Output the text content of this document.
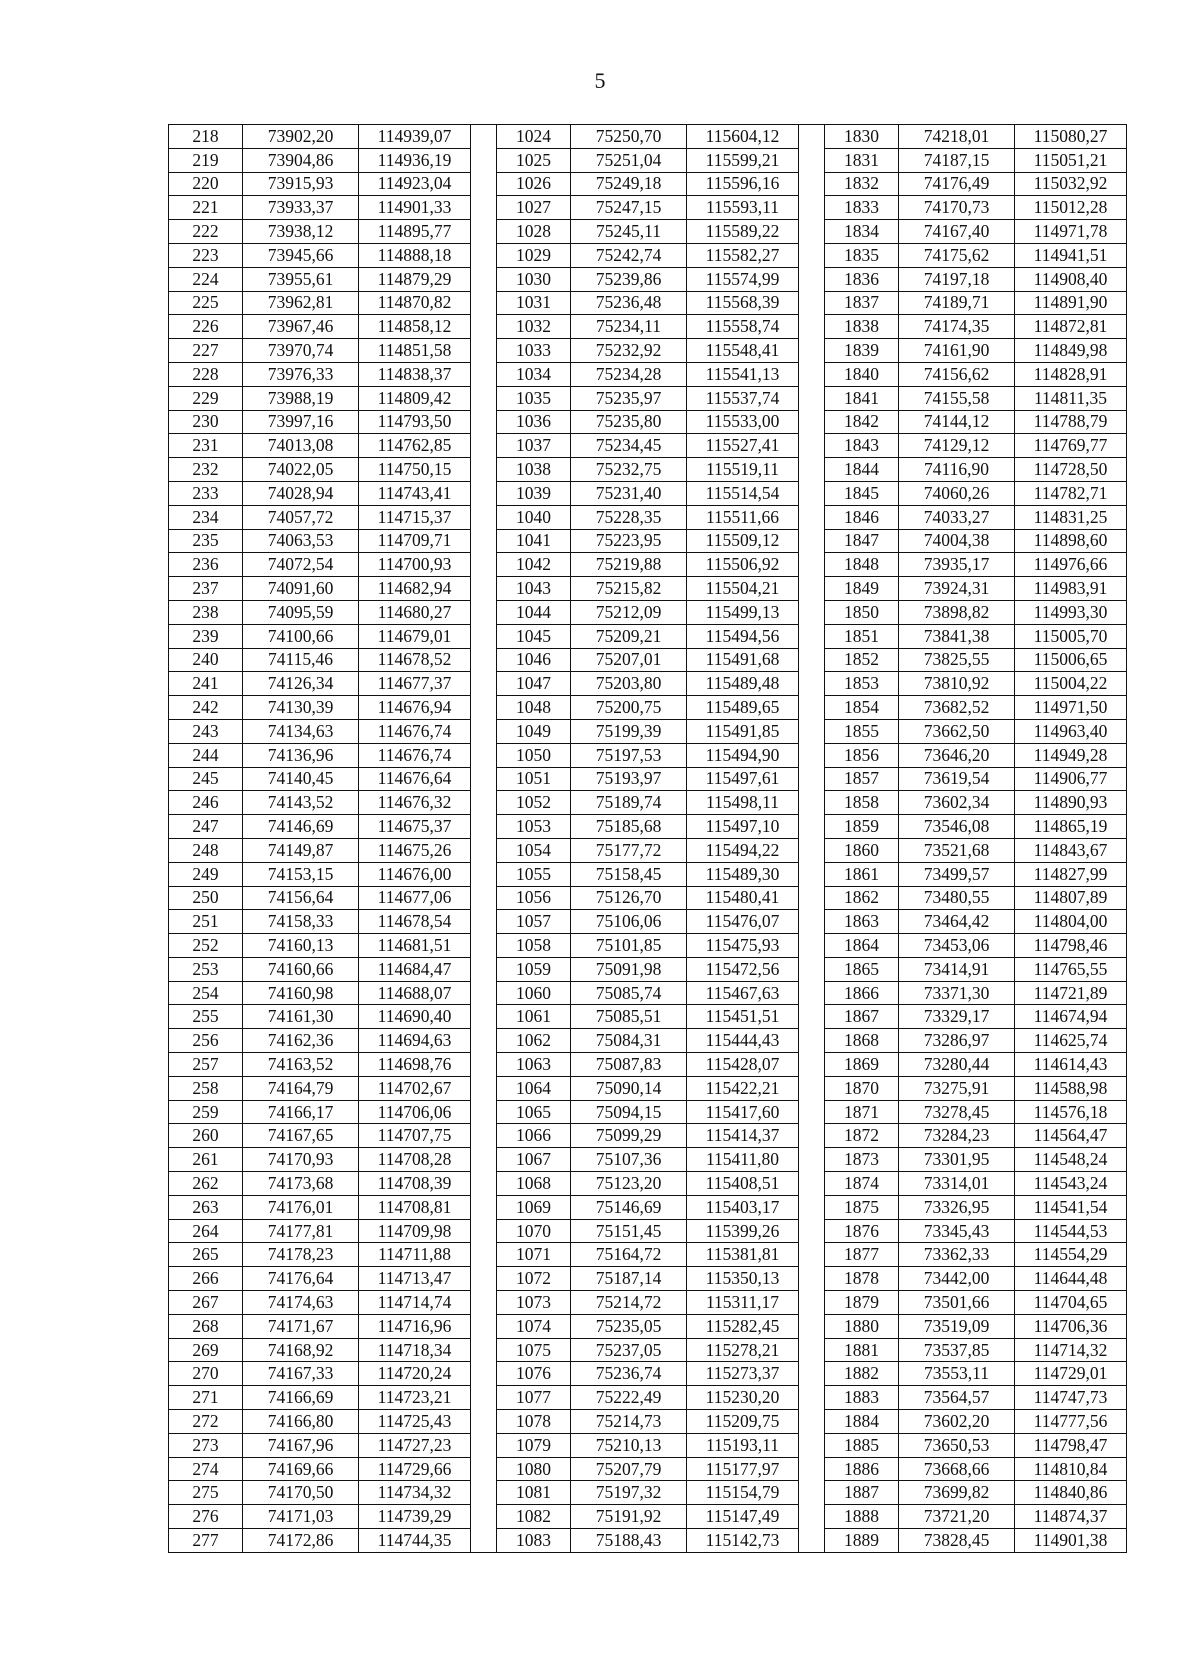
5
218	73902,20	114939,07		1024	75250,70	115604,12		1830	74218,01	115080,27
219	73904,86	114936,19		1025	75251,04	115599,21		1831	74187,15	115051,21
220	73915,93	114923,04		1026	75249,18	115596,16		1832	74176,49	115032,92
221	73933,37	114901,33		1027	75247,15	115593,11		1833	74170,73	115012,28
222	73938,12	114895,77		1028	75245,11	115589,22		1834	74167,40	114971,78
223	73945,66	114888,18		1029	75242,74	115582,27		1835	74175,62	114941,51
224	73955,61	114879,29		1030	75239,86	115574,99		1836	74197,18	114908,40
225	73962,81	114870,82		1031	75236,48	115568,39		1837	74189,71	114891,90
226	73967,46	114858,12		1032	75234,11	115558,74		1838	74174,35	114872,81
227	73970,74	114851,58		1033	75232,92	115548,41		1839	74161,90	114849,98
228	73976,33	114838,37		1034	75234,28	115541,13		1840	74156,62	114828,91
229	73988,19	114809,42		1035	75235,97	115537,74		1841	74155,58	114811,35
230	73997,16	114793,50		1036	75235,80	115533,00		1842	74144,12	114788,79
231	74013,08	114762,85		1037	75234,45	115527,41		1843	74129,12	114769,77
232	74022,05	114750,15		1038	75232,75	115519,11		1844	74116,90	114728,50
233	74028,94	114743,41		1039	75231,40	115514,54		1845	74060,26	114782,71
234	74057,72	114715,37		1040	75228,35	115511,66		1846	74033,27	114831,25
235	74063,53	114709,71		1041	75223,95	115509,12		1847	74004,38	114898,60
236	74072,54	114700,93		1042	75219,88	115506,92		1848	73935,17	114976,66
237	74091,60	114682,94		1043	75215,82	115504,21		1849	73924,31	114983,91
238	74095,59	114680,27		1044	75212,09	115499,13		1850	73898,82	114993,30
239	74100,66	114679,01		1045	75209,21	115494,56		1851	73841,38	115005,70
240	74115,46	114678,52		1046	75207,01	115491,68		1852	73825,55	115006,65
241	74126,34	114677,37		1047	75203,80	115489,48		1853	73810,92	115004,22
242	74130,39	114676,94		1048	75200,75	115489,65		1854	73682,52	114971,50
243	74134,63	114676,74		1049	75199,39	115491,85		1855	73662,50	114963,40
244	74136,96	114676,74		1050	75197,53	115494,90		1856	73646,20	114949,28
245	74140,45	114676,64		1051	75193,97	115497,61		1857	73619,54	114906,77
246	74143,52	114676,32		1052	75189,74	115498,11		1858	73602,34	114890,93
247	74146,69	114675,37		1053	75185,68	115497,10		1859	73546,08	114865,19
248	74149,87	114675,26		1054	75177,72	115494,22		1860	73521,68	114843,67
249	74153,15	114676,00		1055	75158,45	115489,30		1861	73499,57	114827,99
250	74156,64	114677,06		1056	75126,70	115480,41		1862	73480,55	114807,89
251	74158,33	114678,54		1057	75106,06	115476,07		1863	73464,42	114804,00
252	74160,13	114681,51		1058	75101,85	115475,93		1864	73453,06	114798,46
253	74160,66	114684,47		1059	75091,98	115472,56		1865	73414,91	114765,55
254	74160,98	114688,07		1060	75085,74	115467,63		1866	73371,30	114721,89
255	74161,30	114690,40		1061	75085,51	115451,51		1867	73329,17	114674,94
256	74162,36	114694,63		1062	75084,31	115444,43		1868	73286,97	114625,74
257	74163,52	114698,76		1063	75087,83	115428,07		1869	73280,44	114614,43
258	74164,79	114702,67		1064	75090,14	115422,21		1870	73275,91	114588,98
259	74166,17	114706,06		1065	75094,15	115417,60		1871	73278,45	114576,18
260	74167,65	114707,75		1066	75099,29	115414,37		1872	73284,23	114564,47
261	74170,93	114708,28		1067	75107,36	115411,80		1873	73301,95	114548,24
262	74173,68	114708,39		1068	75123,20	115408,51		1874	73314,01	114543,24
263	74176,01	114708,81		1069	75146,69	115403,17		1875	73326,95	114541,54
264	74177,81	114709,98		1070	75151,45	115399,26		1876	73345,43	114544,53
265	74178,23	114711,88		1071	75164,72	115381,81		1877	73362,33	114554,29
266	74176,64	114713,47		1072	75187,14	115350,13		1878	73442,00	114644,48
267	74174,63	114714,74		1073	75214,72	115311,17		1879	73501,66	114704,65
268	74171,67	114716,96		1074	75235,05	115282,45		1880	73519,09	114706,36
269	74168,92	114718,34		1075	75237,05	115278,21		1881	73537,85	114714,32
270	74167,33	114720,24		1076	75236,74	115273,37		1882	73553,11	114729,01
271	74166,69	114723,21		1077	75222,49	115230,20		1883	73564,57	114747,73
272	74166,80	114725,43		1078	75214,73	115209,75		1884	73602,20	114777,56
273	74167,96	114727,23		1079	75210,13	115193,11		1885	73650,53	114798,47
274	74169,66	114729,66		1080	75207,79	115177,97		1886	73668,66	114810,84
275	74170,50	114734,32		1081	75197,32	115154,79		1887	73699,82	114840,86
276	74171,03	114739,29		1082	75191,92	115147,49		1888	73721,20	114874,37
277	74172,86	114744,35		1083	75188,43	115142,73		1889	73828,45	114901,38
